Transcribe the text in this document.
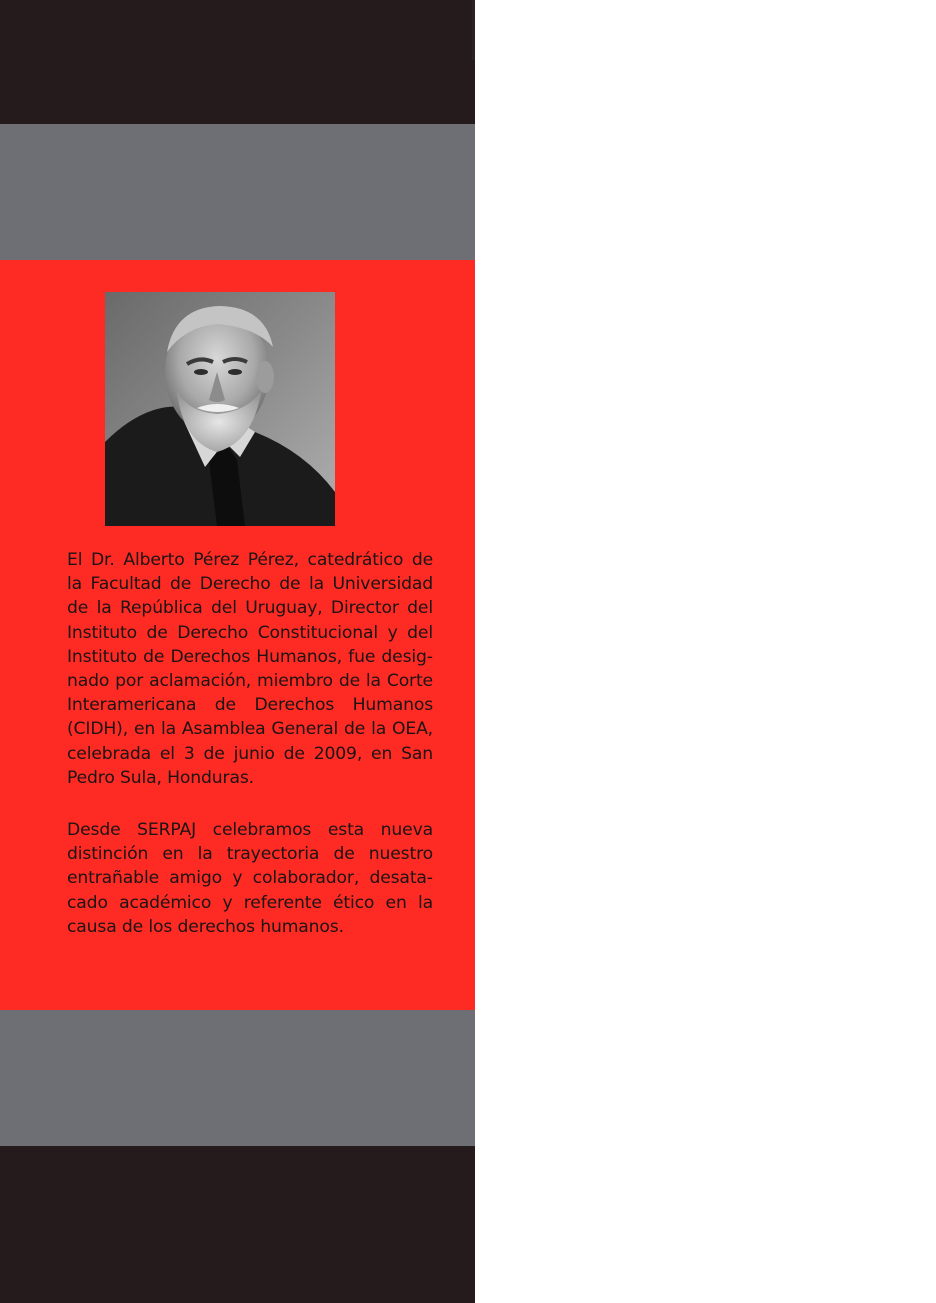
El Dr. Alberto Pérez Pérez, catedrático de la Facultad de Derecho de la Universidad de la República del Uruguay, Director del Instituto de Derecho Constitucional y del Instituto de Derechos Humanos, fue designado por aclamación, miembro de la Corte Interamericana de Derechos Humanos (CIDH), en la Asamblea General de la OEA, celebrada el 3 de junio de 2009, en San Pedro Sula, Honduras.

Desde SERPAJ celebramos esta nueva distinción en la trayectoria de nuestro entrañable amigo y colaborador, desatacado académico y referente ético en la causa de los derechos humanos.
